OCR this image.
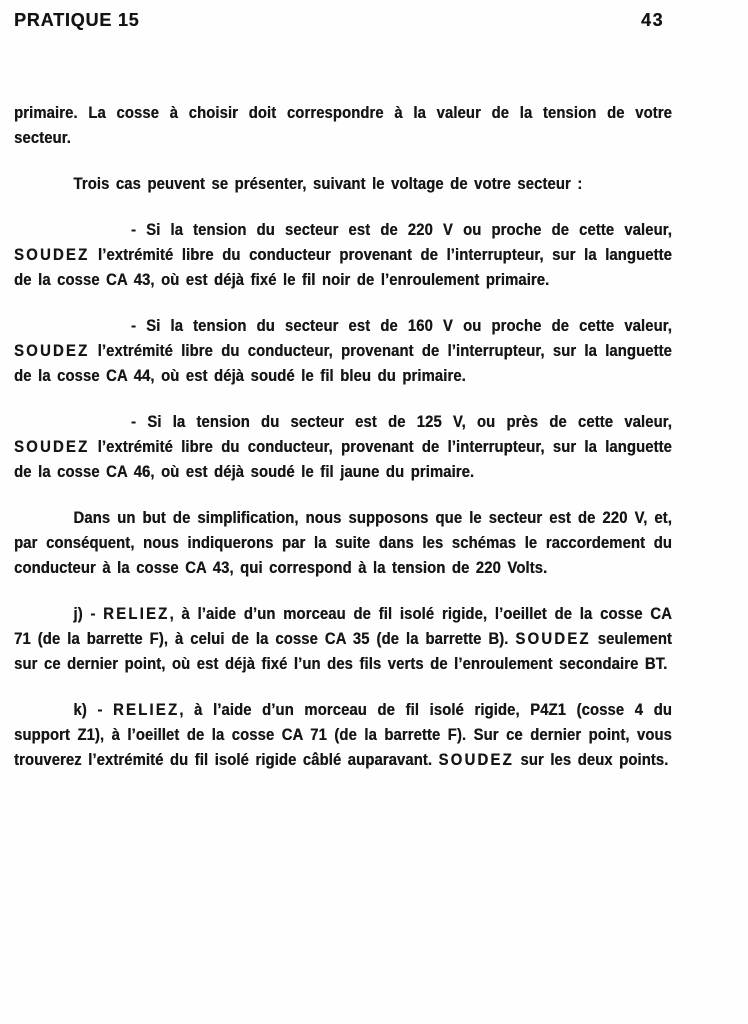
PRATIQUE 15	43

primaire. La cosse à choisir doit correspondre à la valeur de la tension de votre secteur.

Trois cas peuvent se présenter, suivant le voltage de votre secteur :

- Si la tension du secteur est de 220 V ou proche de cette valeur, SOUDEZ l’extrémité libre du conducteur provenant de l’interrupteur, sur la languette de la cosse CA 43, où est déjà fixé le fil noir de l’enroulement primaire.

- Si la tension du secteur est de 160 V ou proche de cette valeur, SOUDEZ l’extrémité libre du conducteur, provenant de l’interrupteur, sur la languette de la cosse CA 44, où est déjà soudé le fil bleu du primaire.

- Si la tension du secteur est de 125 V, ou près de cette valeur, SOUDEZ l’extrémité libre du conducteur, provenant de l’interrupteur, sur la languette de la cosse CA 46, où est déjà soudé le fil jaune du primaire.

Dans un but de simplification, nous supposons que le secteur est de 220 V, et, par conséquent, nous indiquerons par la suite dans les schémas le raccordement du conducteur à la cosse CA 43, qui correspond à la tension de 220 Volts.

j) - RELIEZ, à l’aide d’un morceau de fil isolé rigide, l’oeillet de la cosse CA 71 (de la barrette F), à celui de la cosse CA 35 (de la barrette B). SOUDEZ seulement sur ce dernier point, où est déjà fixé l’un des fils verts de l’enroulement secondaire BT.

k) - RELIEZ, à l’aide d’un morceau de fil isolé rigide, P4Z1 (cosse 4 du support Z1), à l’oeillet de la cosse CA 71 (de la barrette F). Sur ce dernier point, vous trouverez l’extrémité du fil isolé rigide câblé auparavant. SOUDEZ sur les deux points.
